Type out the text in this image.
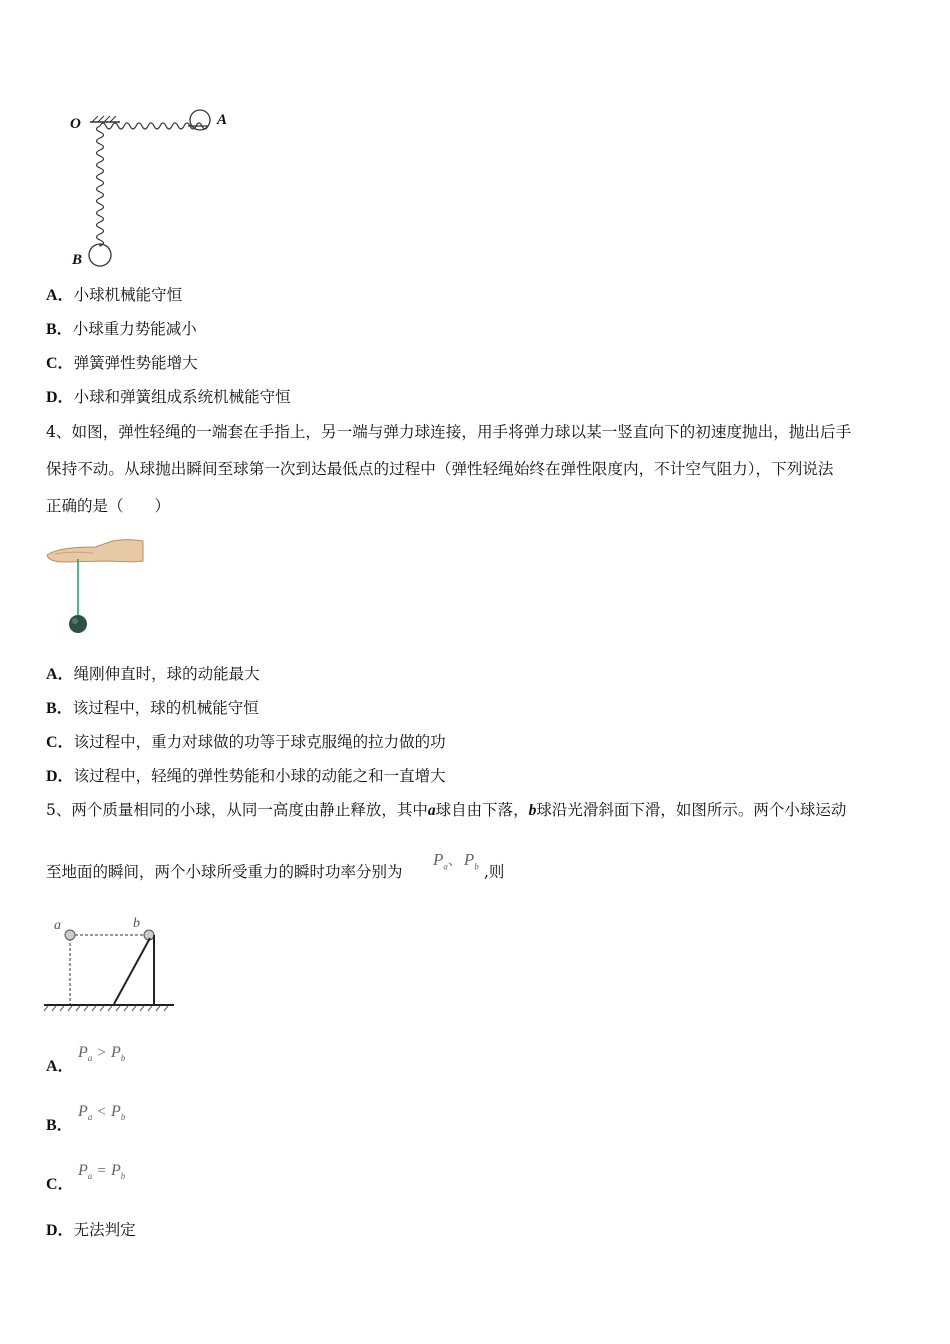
O	A
B
A．小球机械能守恒
B．小球重力势能减小
C．弹簧弹性势能增大
D．小球和弹簧组成系统机械能守恒
4、如图，弹性轻绳的一端套在手指上，另一端与弹力球连接，用手将弹力球以某一竖直向下的初速度抛出，抛出后手
保持不动。从球抛出瞬间至球第一次到达最低点的过程中（弹性轻绳始终在弹性限度内，不计空气阻力），下列说法
正确的是（　　）
A．绳刚伸直时，球的动能最大
B．该过程中，球的机械能守恒
C．该过程中，重力对球做的功等于球克服绳的拉力做的功
D．该过程中，轻绳的弹性势能和小球的动能之和一直增大
5、两个质量相同的小球，从同一高度由静止释放，其中a球自由下落，b球沿光滑斜面下滑，如图所示。两个小球运动
至地面的瞬间，两个小球所受重力的瞬时功率分别为
$P_a$、 $P_b$ ,则
a	b
A．
$P_a > P_b$
B．
$P_a < P_b$
C．
$P_a = P_b$
D．无法判定
